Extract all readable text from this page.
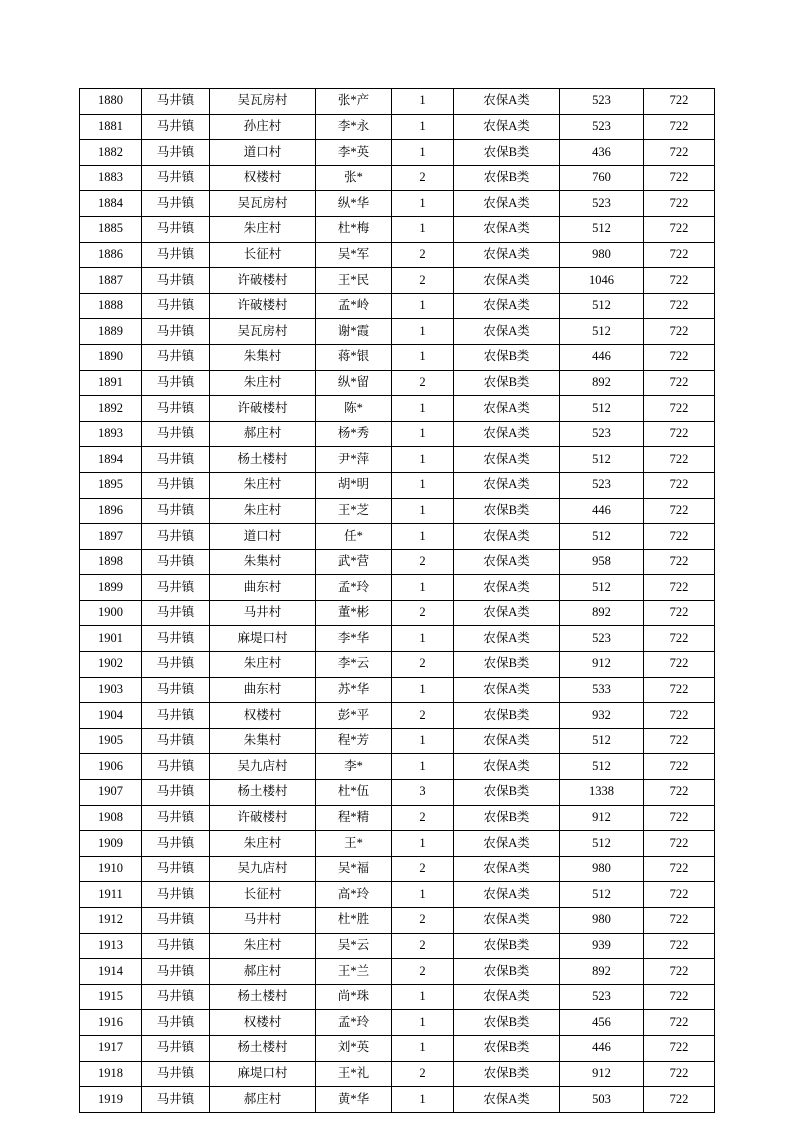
1880	马井镇	吴瓦房村	张*产	1	农保A类	523	722
1881	马井镇	孙庄村	李*永	1	农保A类	523	722
1882	马井镇	道口村	李*英	1	农保B类	436	722
1883	马井镇	权楼村	张*	2	农保B类	760	722
1884	马井镇	吴瓦房村	纵*华	1	农保A类	523	722
1885	马井镇	朱庄村	杜*梅	1	农保A类	512	722
1886	马井镇	长征村	吴*军	2	农保A类	980	722
1887	马井镇	许破楼村	王*民	2	农保A类	1046	722
1888	马井镇	许破楼村	孟*岭	1	农保A类	512	722
1889	马井镇	吴瓦房村	谢*霞	1	农保A类	512	722
1890	马井镇	朱集村	蒋*银	1	农保B类	446	722
1891	马井镇	朱庄村	纵*留	2	农保B类	892	722
1892	马井镇	许破楼村	陈*	1	农保A类	512	722
1893	马井镇	郝庄村	杨*秀	1	农保A类	523	722
1894	马井镇	杨土楼村	尹*萍	1	农保A类	512	722
1895	马井镇	朱庄村	胡*明	1	农保A类	523	722
1896	马井镇	朱庄村	王*芝	1	农保B类	446	722
1897	马井镇	道口村	任*	1	农保A类	512	722
1898	马井镇	朱集村	武*营	2	农保A类	958	722
1899	马井镇	曲东村	孟*玲	1	农保A类	512	722
1900	马井镇	马井村	董*彬	2	农保A类	892	722
1901	马井镇	麻堤口村	李*华	1	农保A类	523	722
1902	马井镇	朱庄村	李*云	2	农保B类	912	722
1903	马井镇	曲东村	苏*华	1	农保A类	533	722
1904	马井镇	权楼村	彭*平	2	农保B类	932	722
1905	马井镇	朱集村	程*芳	1	农保A类	512	722
1906	马井镇	吴九店村	李*	1	农保A类	512	722
1907	马井镇	杨土楼村	杜*伍	3	农保B类	1338	722
1908	马井镇	许破楼村	程*精	2	农保B类	912	722
1909	马井镇	朱庄村	王*	1	农保A类	512	722
1910	马井镇	吴九店村	吴*福	2	农保A类	980	722
1911	马井镇	长征村	高*玲	1	农保A类	512	722
1912	马井镇	马井村	杜*胜	2	农保A类	980	722
1913	马井镇	朱庄村	吴*云	2	农保B类	939	722
1914	马井镇	郝庄村	王*兰	2	农保B类	892	722
1915	马井镇	杨土楼村	尚*珠	1	农保A类	523	722
1916	马井镇	权楼村	孟*玲	1	农保B类	456	722
1917	马井镇	杨土楼村	刘*英	1	农保B类	446	722
1918	马井镇	麻堤口村	王*礼	2	农保B类	912	722
1919	马井镇	郝庄村	黄*华	1	农保A类	503	722
